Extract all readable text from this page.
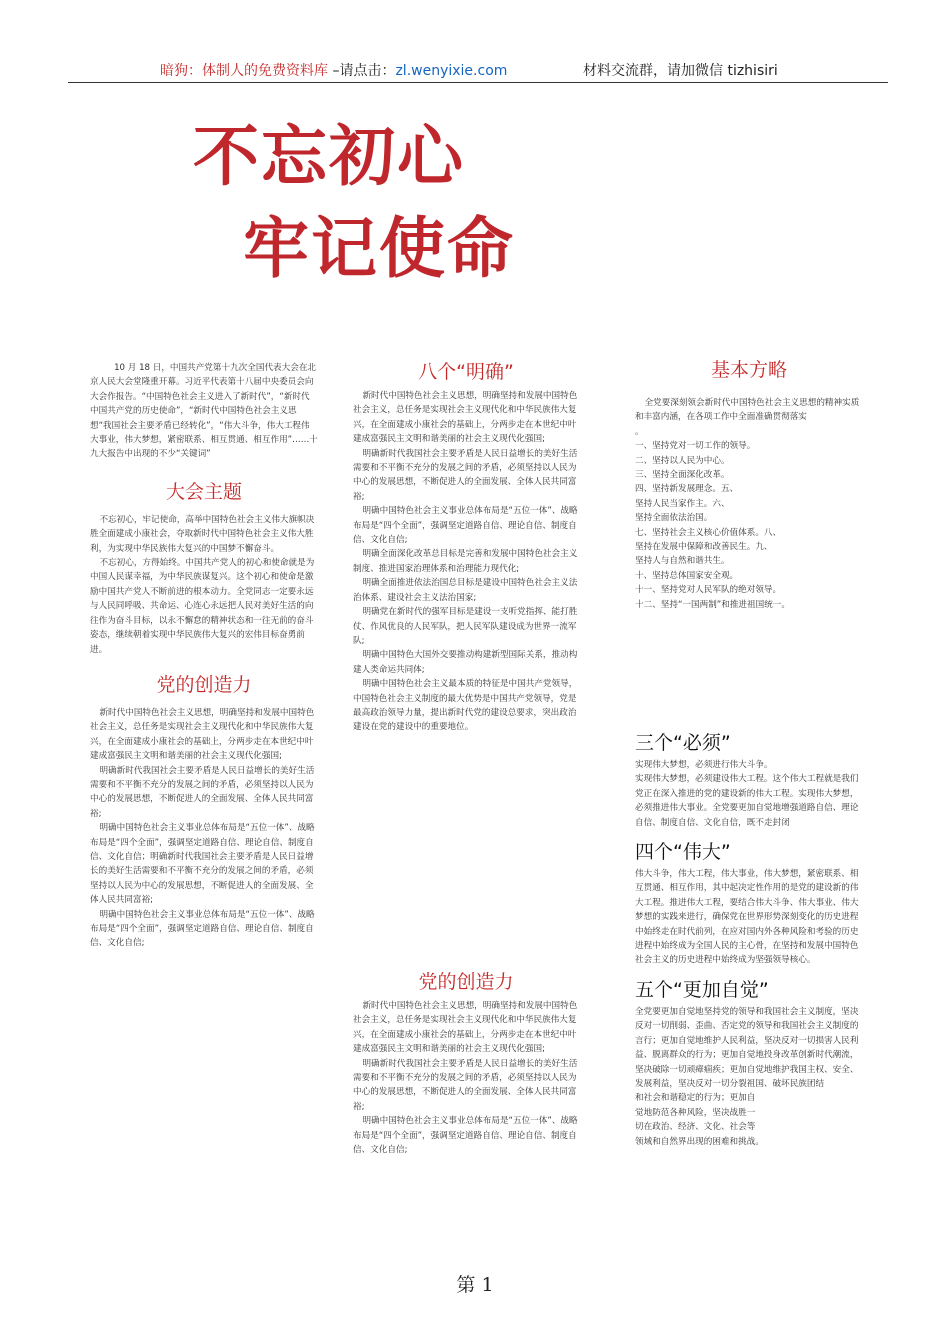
暗狗：体制人的免费资料库 –请点击：zl.wenyixie.com	材料交流群，请加微信 tizhisiri
不忘初心
牢记使命

10 月 18 日，中国共产党第十九次全国代表大会在北京人民大会堂隆重开幕。习近平代表第十八届中央委员会向大会作报告。“中国特色社会主义进入了新时代”，“新时代中国共产党的历史使命”，“新时代中国特色社会主义思想“我国社会主要矛盾已经转化”，“伟大斗争，伟大工程伟大事业，伟大梦想，紧密联系、相互贯通、相互作用”……十九大报告中出现的不少“关键词”

大会主题

不忘初心，牢记使命，高举中国特色社会主义伟大旗帜决胜全面建成小康社会，夺取新时代中国特色社会主义伟大胜利，为实现中华民族伟大复兴的中国梦不懈奋斗。

不忘初心，方得始终。中国共产党人的初心和使命就是为中国人民谋幸福，为中华民族谋复兴。这个初心和使命是激励中国共产党人不断前进的根本动力。全党同志一定要永远与人民同呼吸、共命运、心连心永远把人民对美好生活的向往作为奋斗目标，以永不懈怠的精神状态和一往无前的奋斗姿态，继续朝着实现中华民族伟大复兴的宏伟目标奋勇前进。

党的创造力

新时代中国特色社会主义思想，明确坚持和发展中国特色社会主义，总任务是实现社会主义现代化和中华民族伟大复兴，在全面建成小康社会的基础上，分两步走在本世纪中叶建成富强民主文明和谐美丽的社会主义现代化强国;

明确新时代我国社会主要矛盾是人民日益增长的美好生活需要和不平衡不充分的发展之间的矛盾，必须坚持以人民为中心的发展思想，不断促进人的全面发展、全体人民共同富裕;

明确中国特色社会主义事业总体布局是“五位一体”、战略布局是“四个全面”，强调坚定道路自信、理论自信、制度自信、文化自信；明确新时代我国社会主要矛盾是人民日益增长的美好生活需要和不平衡不充分的发展之间的矛盾，必须坚持以人民为中心的发展思想，不断促进人的全面发展、全体人民共同富裕;

明确中国特色社会主义事业总体布局是“五位一体”、战略布局是“四个全面”，强调坚定道路自信、理论自信、制度自信、文化自信;

八个“明确”

新时代中国特色社会主义思想，明确坚持和发展中国特色社会主义，总任务是实现社会主义现代化和中华民族伟大复兴，在全面建成小康社会的基础上，分两步走在本世纪中叶建成富强民主文明和谐美丽的社会主义现代化强国;

明确新时代我国社会主要矛盾是人民日益增长的美好生活需要和不平衡不充分的发展之间的矛盾，必须坚持以人民为中心的发展思想，不断促进人的全面发展、全体人民共同富裕;

明确中国特色社会主义事业总体布局是“五位一体”、战略布局是“四个全面”，强调坚定道路自信、理论自信、制度自信、文化自信;

明确全面深化改革总目标是完善和发展中国特色社会主义制度、推进国家治理体系和治理能力现代化;

明确全面推进依法治国总目标是建设中国特色社会主义法治体系、建设社会主义法治国家;

明确党在新时代的强军目标是建设一支听党指挥、能打胜仗、作风优良的人民军队，把人民军队建设成为世界一流军队;

明确中国特色大国外交要推动构建新型国际关系，推动构建人类命运共同体;

明确中国特色社会主义最本质的特征是中国共产党领导，中国特色社会主义制度的最大优势是中国共产党领导，党是最高政治领导力量，提出新时代党的建设总要求，突出政治建设在党的建设中的重要地位。

党的创造力

新时代中国特色社会主义思想，明确坚持和发展中国特色社会主义，总任务是实现社会主义现代化和中华民族伟大复兴，在全面建成小康社会的基础上，分两步走在本世纪中叶建成富强民主文明和谐美丽的社会主义现代化强国;

明确新时代我国社会主要矛盾是人民日益增长的美好生活需要和不平衡不充分的发展之间的矛盾，必须坚持以人民为中心的发展思想，不断促进人的全面发展、全体人民共同富裕;

明确中国特色社会主义事业总体布局是“五位一体”、战略布局是“四个全面”，强调坚定道路自信、理论自信、制度自信、文化自信;

基本方略

全党要深刻领会新时代中国特色社会主义思想的精神实质和丰富内涵，在各项工作中全面准确贯彻落实

。

一、坚持党对一切工作的领导。
二、坚持以人民为中心。
三、坚持全面深化改革。
四、坚持新发展理念。五、
坚持人民当家作主。六、
坚持全面依法治国。
七、坚持社会主义核心价值体系。八、
坚持在发展中保障和改善民生。九、
坚持人与自然和谐共生。
十、坚持总体国家安全观。
十一、坚持党对人民军队的绝对领导。
十二、坚持“一国两制”和推进祖国统一。
三个“必须”
实现伟大梦想，必须进行伟大斗争。

实现伟大梦想，必须建设伟大工程。这个伟大工程就是我们党正在深入推进的党的建设新的伟大工程。实现伟大梦想，必须推进伟大事业。全党要更加自觉地增强道路自信、理论自信、制度自信、文化自信，既不走封闭

四个“伟大”

伟大斗争，伟大工程，伟大事业，伟大梦想，紧密联系、相互贯通、相互作用，其中起决定性作用的是党的建设新的伟大工程。推进伟大工程，要结合伟大斗争、伟大事业、伟大梦想的实践来进行，确保党在世界形势深刻变化的历史进程中始终走在时代前列，在应对国内外各种风险和考验的历史进程中始终成为全国人民的主心骨，在坚持和发展中国特色社会主义的历史进程中始终成为坚强领导核心。

五个“更加自觉”

全党要更加自觉地坚持党的领导和我国社会主义制度，坚决反对一切削弱、歪曲、否定党的领导和我国社会主义制度的言行；更加自觉地维护人民利益，坚决反对一切损害人民利益、脱离群众的行为；更加自觉地投身改革创新时代潮流，坚决破除一切顽瘴痼疾；更加自觉地维护我国主权、安全、发展利益，坚决反对一切分裂祖国、破坏民族团结

和社会和谐稳定的行为；更加自
觉地防范各种风险，坚决战胜一
切在政治、经济、文化、社会等
领域和自然界出现的困难和挑战。
第 1
